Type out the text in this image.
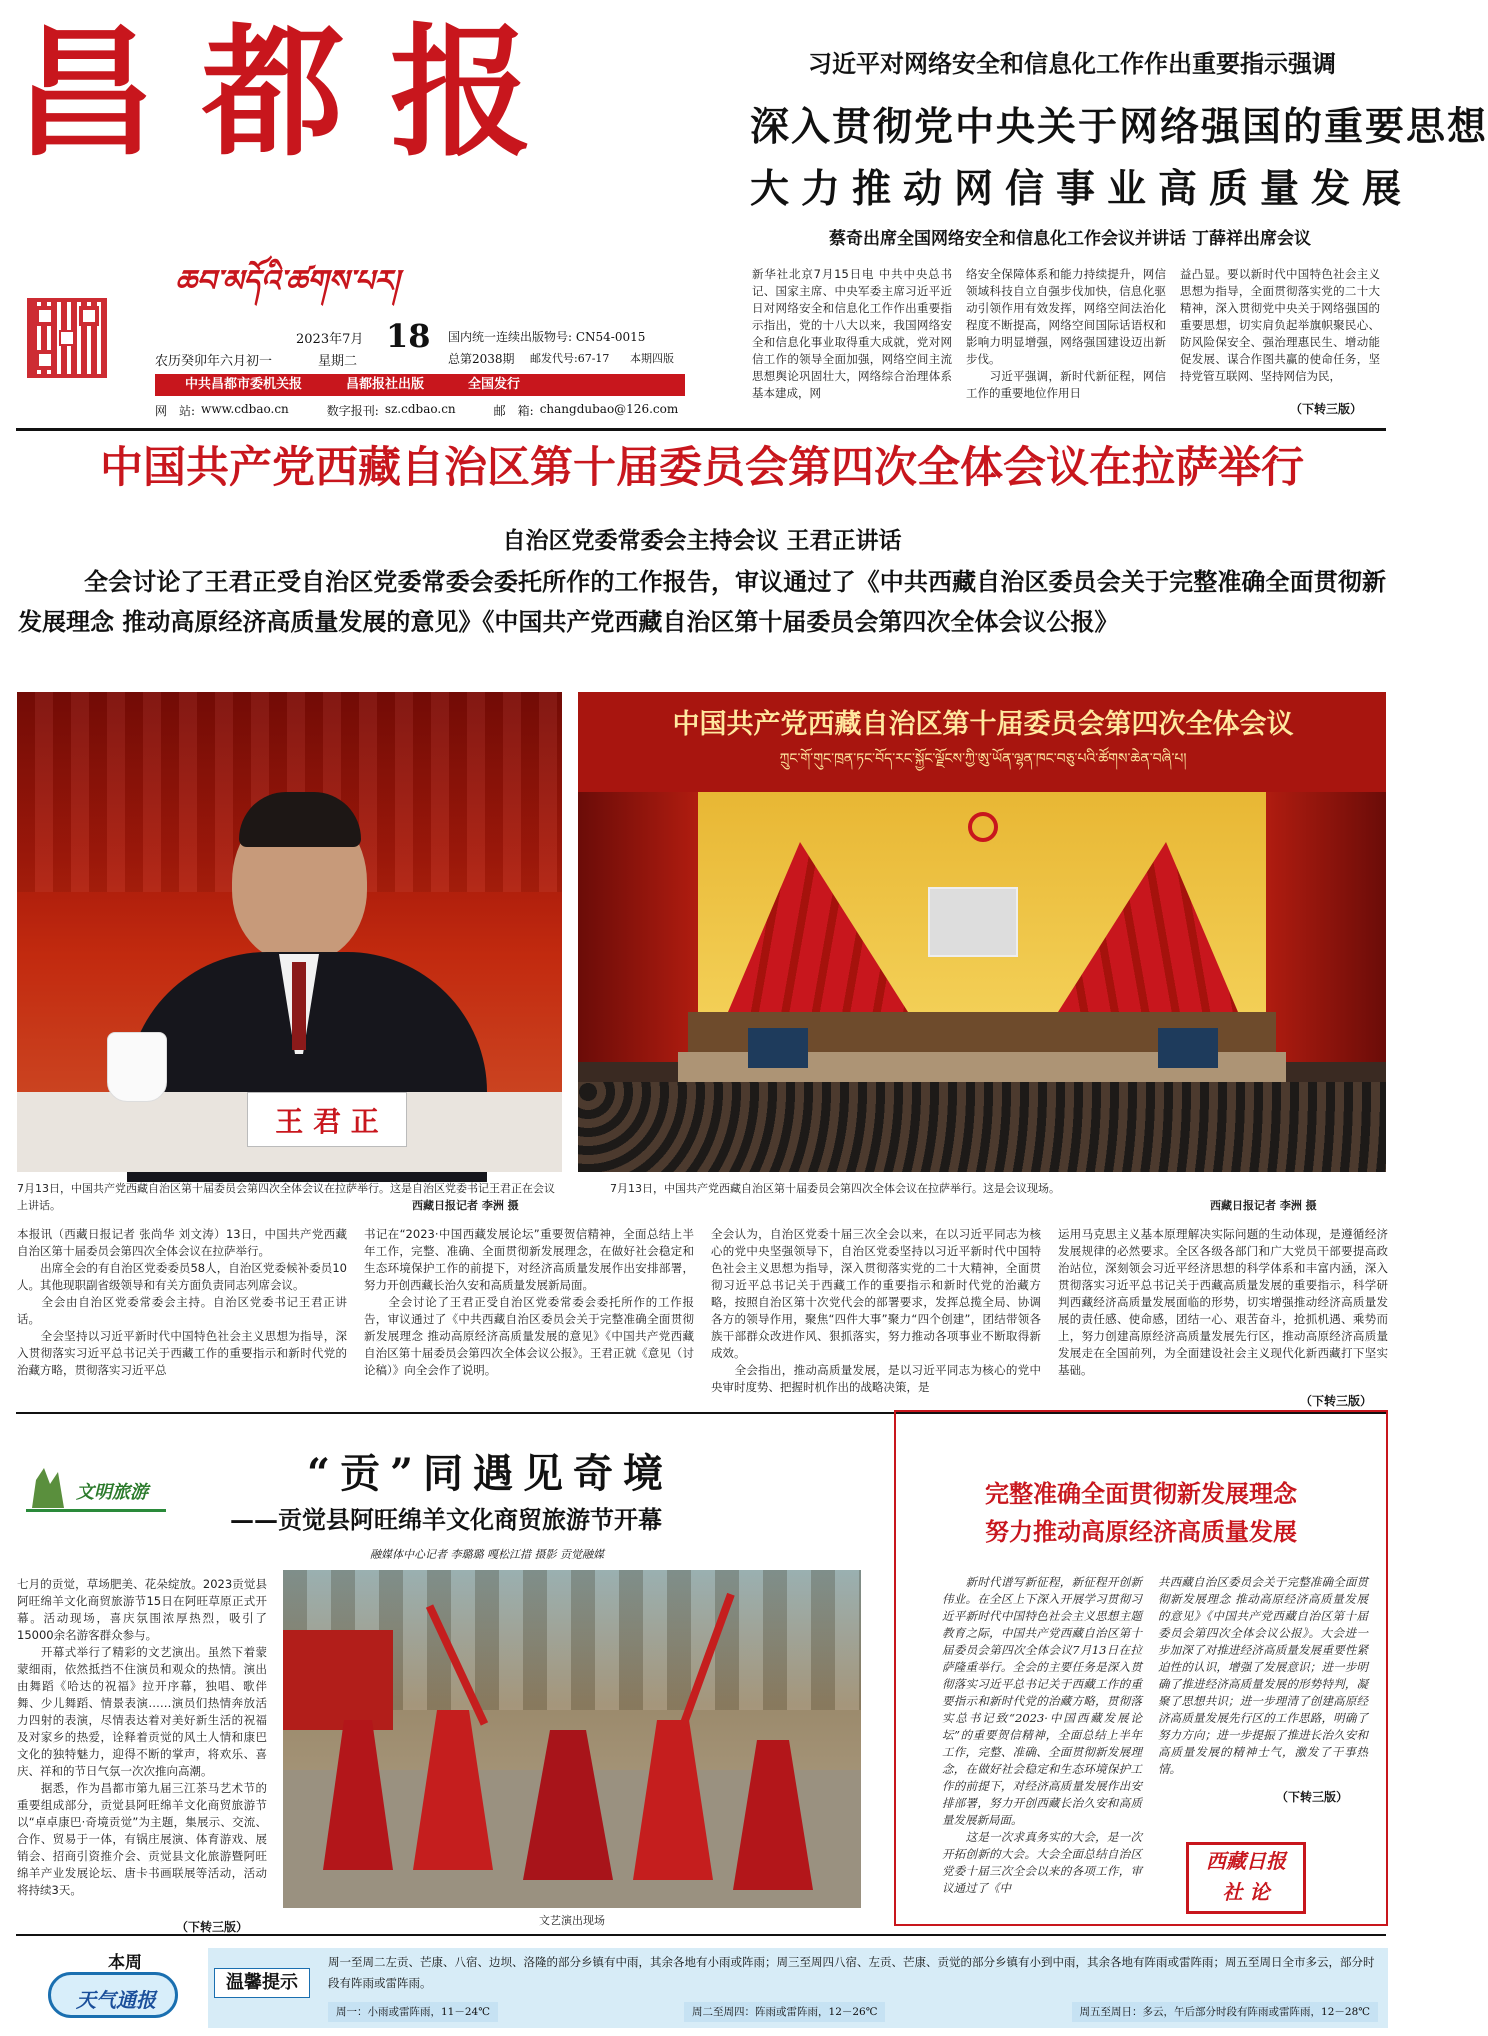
昌都报
ཆབ་མདོའི་ཚགས་པར།
2023年7月 18
农历癸卯年六月初一	星期二
国内统一连续出版物号: CN54-0015
总第2038期 邮发代号:67-17 本期四版
中共昌都市委机关报	昌都报社出版	全国发行
网　站: www.cdbao.cn	数字报刊: sz.cdbao.cn	邮　箱: changdubao@126.com
习近平对网络安全和信息化工作作出重要指示强调
深入贯彻党中央关于网络强国的重要思想
大力推动网信事业高质量发展
蔡奇出席全国网络安全和信息化工作会议并讲话 丁薛祥出席会议
新华社北京7月15日电 中共中央总书记、国家主席、中央军委主席习近平近日对网络安全和信息化工作作出重要指示指出，党的十八大以来，我国网络安全和信息化事业取得重大成就，党对网信工作的领导全面加强，网络空间主流思想舆论巩固壮大，网络综合治理体系基本建成，网
络安全保障体系和能力持续提升，网信领域科技自立自强步伐加快，信息化驱动引领作用有效发挥，网络空间法治化程度不断提高，网络空间国际话语权和影响力明显增强，网络强国建设迈出新步伐。
　　习近平强调，新时代新征程，网信工作的重要地位作用日
益凸显。要以新时代中国特色社会主义思想为指导，全面贯彻落实党的二十大精神，深入贯彻党中央关于网络强国的重要思想，切实肩负起举旗帜聚民心、防风险保安全、强治理惠民生、增动能促发展、谋合作图共赢的使命任务，坚持党管互联网、坚持网信为民，
（下转三版）
中国共产党西藏自治区第十届委员会第四次全体会议在拉萨举行
自治区党委常委会主持会议 王君正讲话
全会讨论了王君正受自治区党委常委会委托所作的工作报告，审议通过了《中共西藏自治区委员会关于完整准确全面贯彻新发展理念 推动高原经济高质量发展的意见》《中国共产党西藏自治区第十届委员会第四次全体会议公报》
王 君 正
中国共产党西藏自治区第十届委员会第四次全体会议
ཀྲུང་གོ་གུང་ཁྲན་ཏང་བོད་རང་སྐྱོང་ལྗོངས་ཀྱི་ཨུ་ཡོན་ལྷན་ཁང་བཅུ་པའི་ཚོགས་ཆེན་བཞི་པ།
7月13日，中国共产党西藏自治区第十届委员会第四次全体会议在拉萨举行。这是自治区党委书记王君正在会议上讲话。	西藏日报记者 李洲 摄
7月13日，中国共产党西藏自治区第十届委员会第四次全体会议在拉萨举行。这是会议现场。
西藏日报记者 李洲 摄
本报讯（西藏日报记者 张尚华 刘文涛）13日，中国共产党西藏自治区第十届委员会第四次全体会议在拉萨举行。
　　出席全会的有自治区党委委员58人，自治区党委候补委员10人。其他现职副省级领导和有关方面负责同志列席会议。
　　全会由自治区党委常委会主持。自治区党委书记王君正讲话。
　　全会坚持以习近平新时代中国特色社会主义思想为指导，深入贯彻落实习近平总书记关于西藏工作的重要指示和新时代党的治藏方略，贯彻落实习近平总
书记在“2023·中国西藏发展论坛”重要贺信精神，全面总结上半年工作，完整、准确、全面贯彻新发展理念，在做好社会稳定和生态环境保护工作的前提下，对经济高质量发展作出安排部署，努力开创西藏长治久安和高质量发展新局面。
　　全会讨论了王君正受自治区党委常委会委托所作的工作报告，审议通过了《中共西藏自治区委员会关于完整准确全面贯彻新发展理念 推动高原经济高质量发展的意见》《中国共产党西藏自治区第十届委员会第四次全体会议公报》。王君正就《意见（讨论稿）》向全会作了说明。
全会认为，自治区党委十届三次全会以来，在以习近平同志为核心的党中央坚强领导下，自治区党委坚持以习近平新时代中国特色社会主义思想为指导，深入贯彻落实党的二十大精神，全面贯彻习近平总书记关于西藏工作的重要指示和新时代党的治藏方略，按照自治区第十次党代会的部署要求，发挥总揽全局、协调各方的领导作用，聚焦“四件大事”聚力“四个创建”，团结带领各族干部群众改进作风、狠抓落实，努力推动各项事业不断取得新成效。
　　全会指出，推动高质量发展，是以习近平同志为核心的党中央审时度势、把握时机作出的战略决策，是
运用马克思主义基本原理解决实际问题的生动体现，是遵循经济发展规律的必然要求。全区各级各部门和广大党员干部要提高政治站位，深刻领会习近平经济思想的科学体系和丰富内涵，深入贯彻落实习近平总书记关于西藏高质量发展的重要指示，科学研判西藏经济高质量发展面临的形势，切实增强推动经济高质量发展的责任感、使命感，团结一心、艰苦奋斗，抢抓机遇、乘势而上，努力创建高原经济高质量发展先行区，推动高原经济高质量发展走在全国前列，为全面建设社会主义现代化新西藏打下坚实基础。
（下转三版）
文明旅游	“贡”同遇见奇境
——贡觉县阿旺绵羊文化商贸旅游节开幕
融媒体中心记者 李璐璐 嘎松江措 摄影 贡觉融媒
七月的贡觉，草场肥美、花朵绽放。2023贡觉县阿旺绵羊文化商贸旅游节15日在阿旺草原正式开幕。活动现场，喜庆氛围浓厚热烈，吸引了15000余名游客群众参与。
　　开幕式举行了精彩的文艺演出。虽然下着蒙蒙细雨，依然抵挡不住演员和观众的热情。演出由舞蹈《哈达的祝福》拉开序幕，独唱、歌伴舞、少儿舞蹈、情景表演……演员们热情奔放活力四射的表演，尽情表达着对美好新生活的祝福及对家乡的热爱，诠释着贡觉的风土人情和康巴文化的独特魅力，迎得不断的掌声，将欢乐、喜庆、祥和的节日气氛一次次推向高潮。
　　据悉，作为昌都市第九届三江茶马艺术节的重要组成部分，贡觉县阿旺绵羊文化商贸旅游节以“卓卓康巴·奇境贡觉”为主题，集展示、交流、合作、贸易于一体，有锅庄展演、体育游戏、展销会、招商引资推介会、贡觉县文化旅游暨阿旺绵羊产业发展论坛、唐卡书画联展等活动，活动将持续3天。
（下转三版）	文艺演出现场
完整准确全面贯彻新发展理念
努力推动高原经济高质量发展
　　新时代谱写新征程，新征程开创新伟业。在全区上下深入开展学习贯彻习近平新时代中国特色社会主义思想主题教育之际，中国共产党西藏自治区第十届委员会第四次全体会议7月13日在拉萨隆重举行。全会的主要任务是深入贯彻落实习近平总书记关于西藏工作的重要指示和新时代党的治藏方略，贯彻落实总书记致“2023·中国西藏发展论坛”的重要贺信精神，全面总结上半年工作，完整、准确、全面贯彻新发展理念，在做好社会稳定和生态环境保护工作的前提下，对经济高质量发展作出安排部署，努力开创西藏长治久安和高质量发展新局面。
　　这是一次求真务实的大会，是一次开拓创新的大会。大会全面总结自治区党委十届三次全会以来的各项工作，审议通过了《中
共西藏自治区委员会关于完整准确全面贯彻新发展理念 推动高原经济高质量发展的意见》《中国共产党西藏自治区第十届委员会第四次全体会议公报》。大会进一步加深了对推进经济高质量发展重要性紧迫性的认识，增强了发展意识；进一步明确了推进经济高质量发展的形势特判，凝聚了思想共识；进一步理清了创建高原经济高质量发展先行区的工作思路，明确了努力方向；进一步提振了推进长治久安和高质量发展的精神士气，激发了干事热情。
（下转三版）
西藏日报
社 论
本周
天气通报
温馨提示
周一至周二左贡、芒康、八宿、边坝、洛隆的部分乡镇有中雨，其余各地有小雨或阵雨；周三至周四八宿、左贡、芒康、贡觉的部分乡镇有小到中雨，其余各地有阵雨或雷阵雨；周五至周日全市多云，部分时段有阵雨或雷阵雨。
周一：小雨或雷阵雨，11－24℃	周二至周四：阵雨或雷阵雨，12－26℃	周五至周日：多云，午后部分时段有阵雨或雷阵雨，12－28℃
